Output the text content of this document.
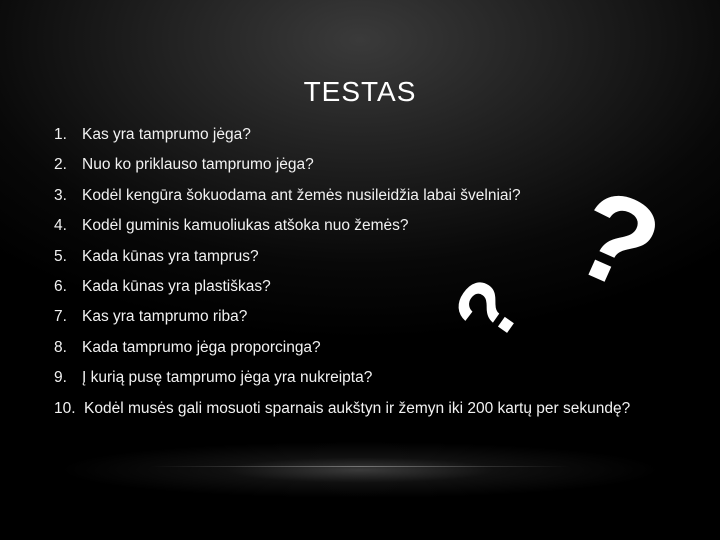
TESTAS
1. Kas yra tamprumo jėga?
2. Nuo ko priklauso tamprumo jėga?
3. Kodėl kengūra šokuodama ant žemės nusileidžia labai švelniai?
4. Kodėl guminis kamuoliukas atšoka nuo žemės?
5. Kada kūnas yra tamprus?
6. Kada kūnas yra plastiškas?
7. Kas yra tamprumo riba?
8. Kada tamprumo jėga proporcinga?
9. Į kurią pusę tamprumo jėga yra nukreipta?
10. Kodėl musės gali mosuoti sparnais aukštyn ir žemyn iki 200 kartų per sekundę?
? ?
